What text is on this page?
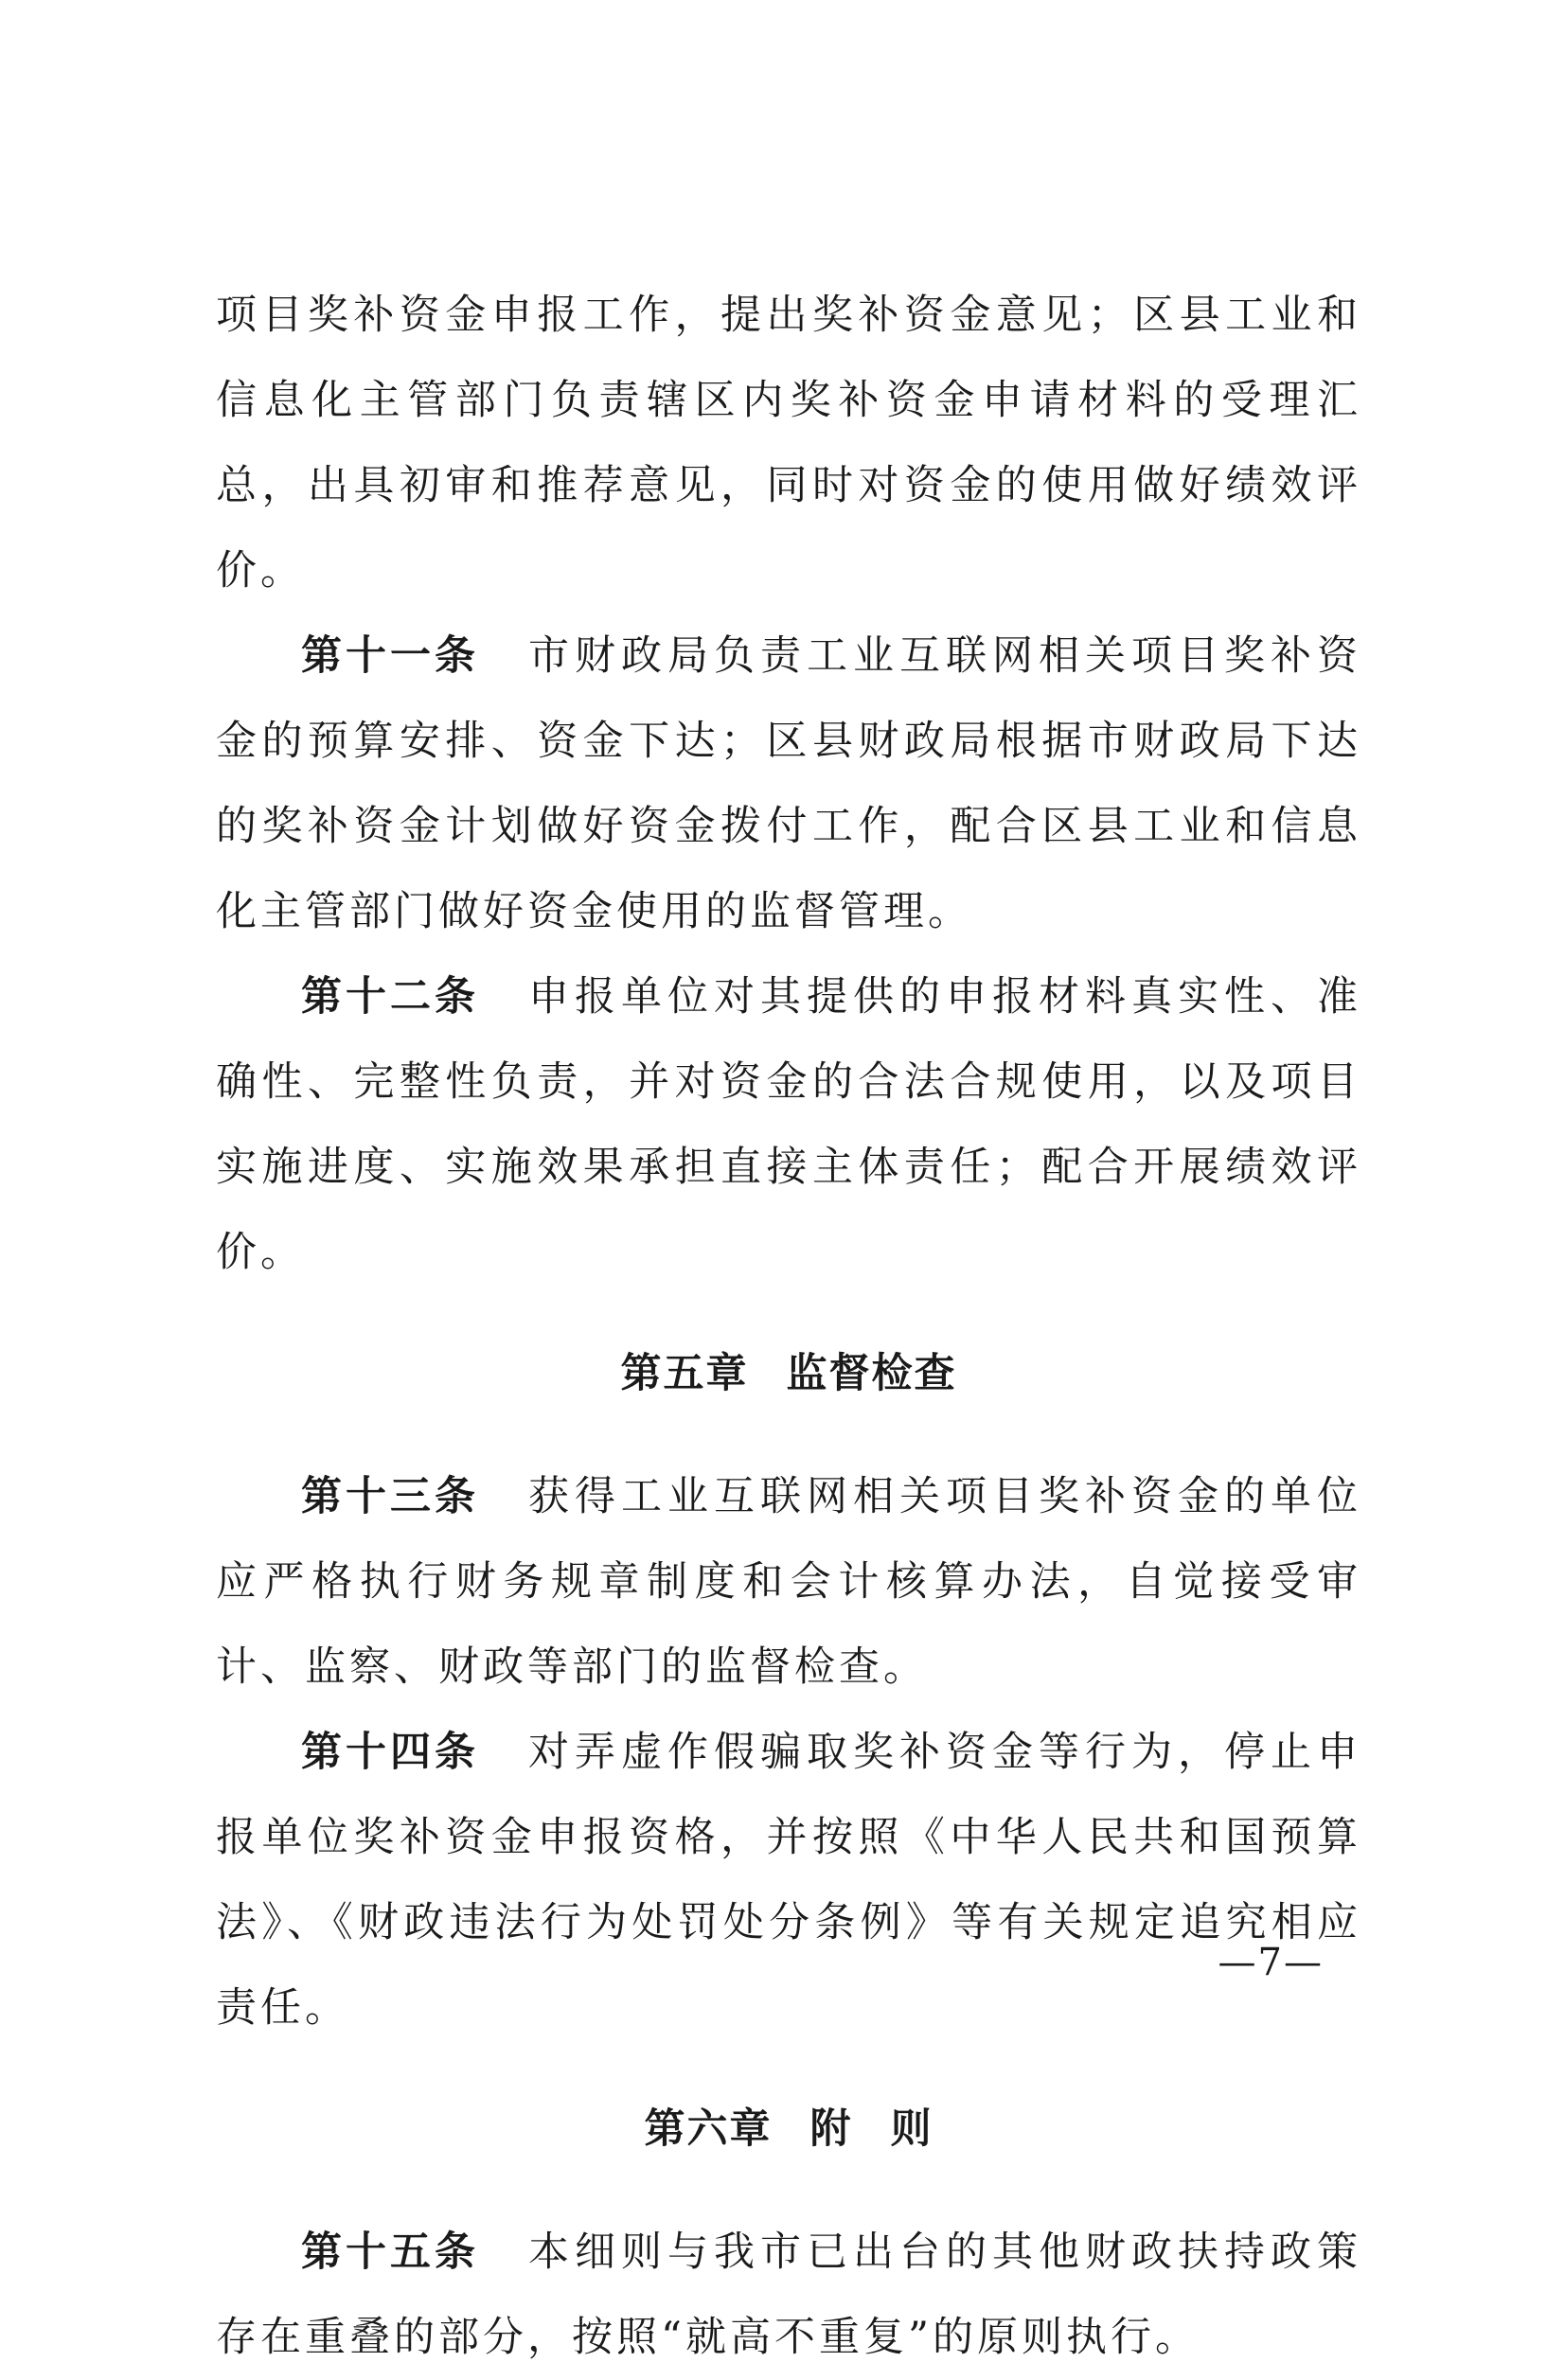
项目奖补资金申报工作，提出奖补资金意见；区县工业和信息化主管部门负责辖区内奖补资金申请材料的受理汇总，出具初审和推荐意见，同时对资金的使用做好绩效评价。

第十一条 市财政局负责工业互联网相关项目奖补资金的预算安排、资金下达；区县财政局根据市财政局下达的奖补资金计划做好资金拨付工作，配合区县工业和信息化主管部门做好资金使用的监督管理。

第十二条 申报单位对其提供的申报材料真实性、准确性、完整性负责，并对资金的合法合规使用，以及项目实施进度、实施效果承担直接主体责任；配合开展绩效评价。

第五章 监督检查

第十三条 获得工业互联网相关项目奖补资金的单位应严格执行财务规章制度和会计核算办法，自觉接受审计、监察、财政等部门的监督检查。

第十四条 对弄虚作假骗取奖补资金等行为，停止申报单位奖补资金申报资格，并按照《中华人民共和国预算法》、《财政违法行为处罚处分条例》等有关规定追究相应责任。

第六章 附 则

第十五条 本细则与我市已出台的其他财政扶持政策存在重叠的部分，按照“就高不重复”的原则执行。

—7—
